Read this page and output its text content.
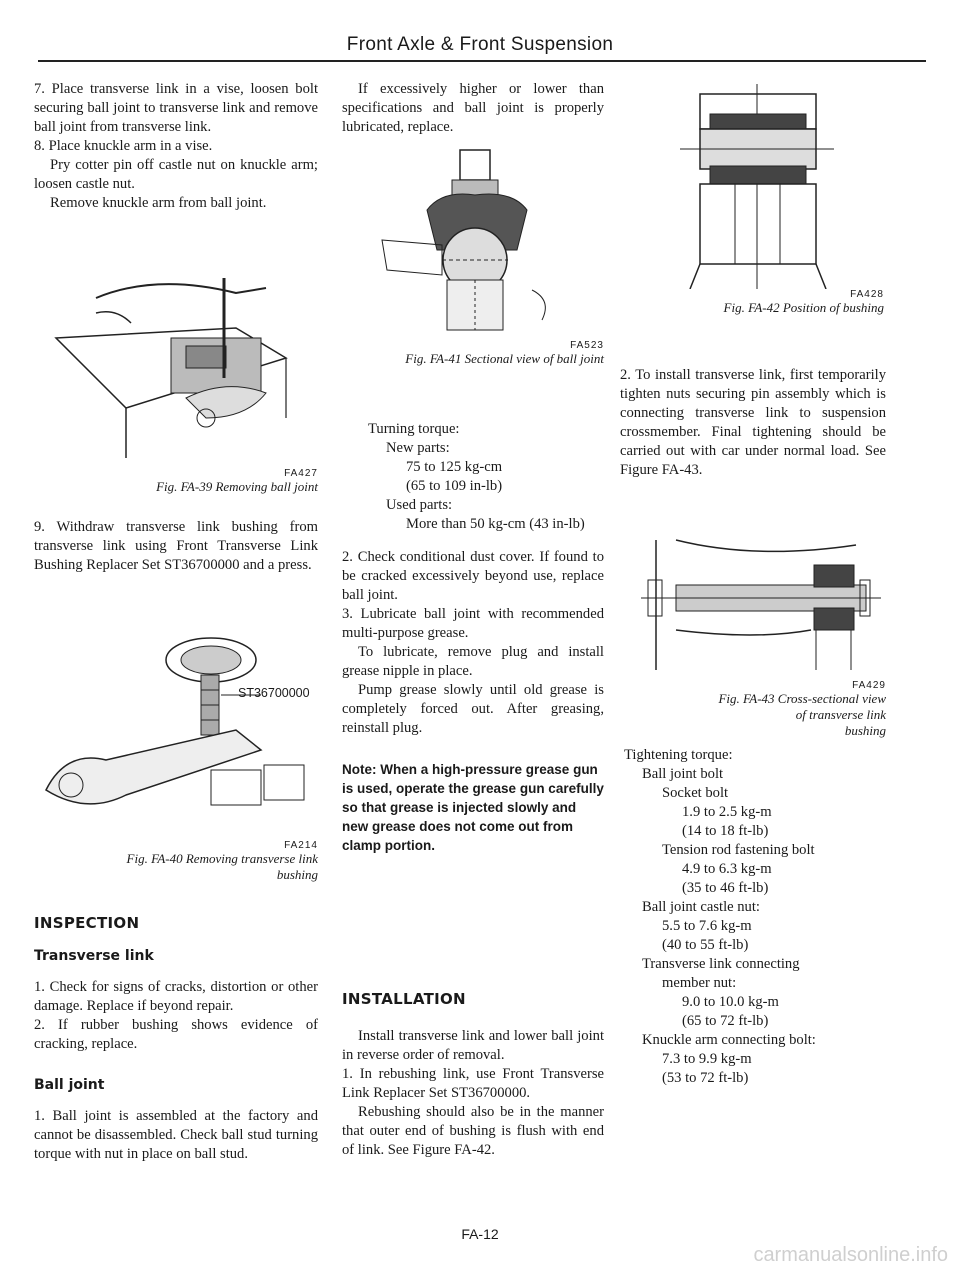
Front Axle & Front Suspension

7. Place transverse link in a vise, loosen bolt securing ball joint to transverse link and remove ball joint from transverse link.

8. Place knuckle arm in a vise.

Pry cotter pin off castle nut on knuckle arm; loosen castle nut.

Remove knuckle arm from ball joint.

FA427
Fig. FA-39 Removing ball joint

9. Withdraw transverse link bushing from transverse link using Front Transverse Link Bushing Replacer Set ST36700000 and a press.

ST36700000
FA214
Fig. FA-40 Removing transverse link
bushing

INSPECTION

Transverse link

1. Check for signs of cracks, distortion or other damage. Replace if beyond repair.

2. If rubber bushing shows evidence of cracking, replace.

Ball joint

1. Ball joint is assembled at the factory and cannot be disassembled. Check ball stud turning torque with nut in place on ball stud.

If excessively higher or lower than specifications and ball joint is properly lubricated, replace.

FA523
Fig. FA-41 Sectional view of ball joint

Turning torque:

New parts:

75 to 125 kg-cm

(65 to 109 in-lb)

Used parts:

More than 50 kg-cm (43 in-lb)

2. Check conditional dust cover. If found to be cracked excessively beyond use, replace ball joint.

3. Lubricate ball joint with recommended multi-purpose grease.

To lubricate, remove plug and install grease nipple in place.

Pump grease slowly until old grease is completely forced out. After greasing, reinstall plug.

Note: When a high-pressure grease gun is used, operate the grease gun carefully so that grease is injected slowly and new grease does not come out from clamp portion.

INSTALLATION

Install transverse link and lower ball joint in reverse order of removal.

1. In rebushing link, use Front Transverse Link Replacer Set ST36700000.

Rebushing should also be in the manner that outer end of bushing is flush with end of link. See Figure FA-42.

FA428
Fig. FA-42 Position of bushing

2. To install transverse link, first temporarily tighten nuts securing pin assembly which is connecting transverse link to suspension crossmember. Final tightening should be carried out with car under normal load. See Figure FA-43.

FA429
Fig. FA-43 Cross-sectional view
of transverse link
bushing

Tightening torque:

Ball joint bolt

Socket bolt

1.9 to 2.5 kg-m

(14 to 18 ft-lb)

Tension rod fastening bolt

4.9 to 6.3 kg-m

(35 to 46 ft-lb)

Ball joint castle nut:

5.5 to 7.6 kg-m

(40 to 55 ft-lb)

Transverse link connecting

member nut:

9.0 to 10.0 kg-m

(65 to 72 ft-lb)

Knuckle arm connecting bolt:

7.3 to 9.9 kg-m

(53 to 72 ft-lb)

FA-12
carmanualsonline.info
